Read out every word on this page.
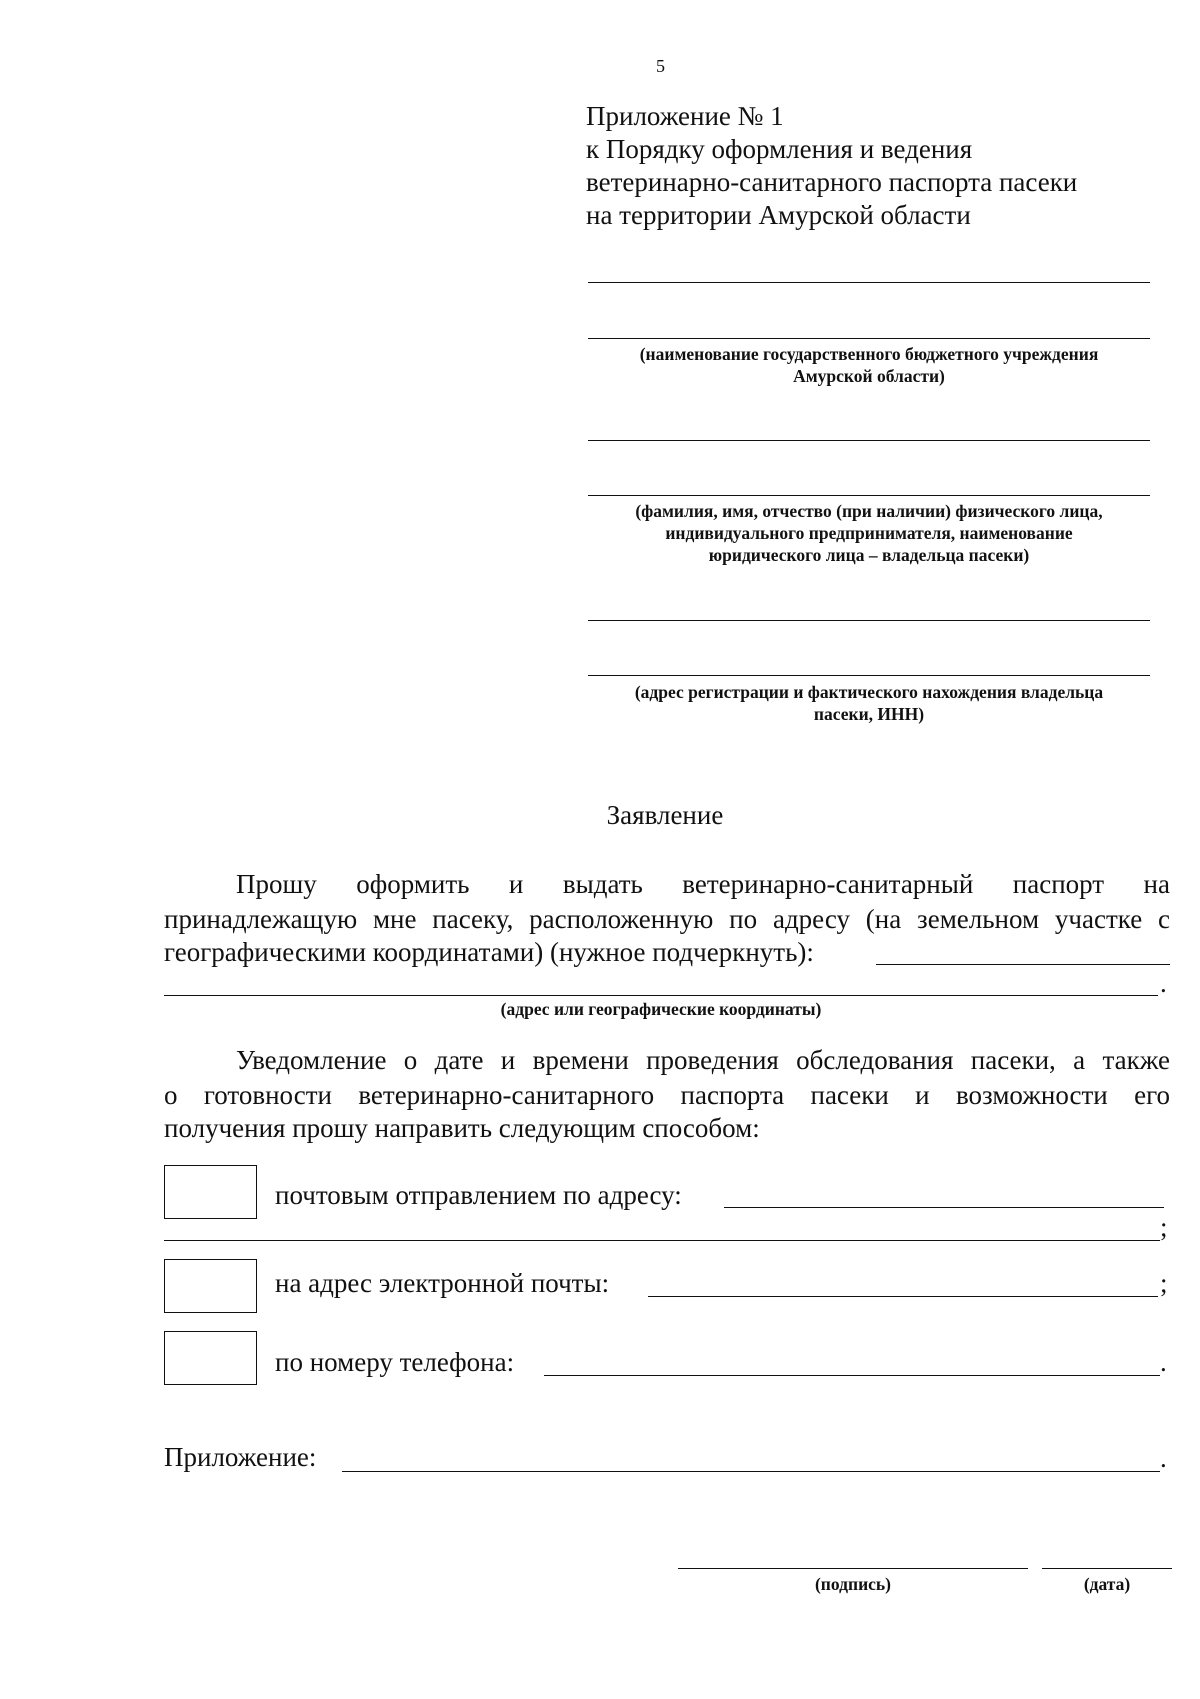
5
Приложение № 1
к Порядку оформления и ведения
ветеринарно-санитарного паспорта пасеки
на территории Амурской области
(наименование государственного бюджетного учреждения
Амурской области)
(фамилия, имя, отчество (при наличии) физического лица,
индивидуального предпринимателя, наименование
юридического лица – владельца пасеки)
(адрес регистрации и фактического нахождения владельца
пасеки, ИНН)
Заявление
Прошу оформить и выдать ветеринарно-санитарный паспорт на
принадлежащую мне пасеку, расположенную по адресу (на земельном участке с
географическими координатами) (нужное подчеркнуть):
.
(адрес или географические координаты)
Уведомление о дате и времени проведения обследования пасеки, а также
о готовности ветеринарно-санитарного паспорта пасеки и возможности его
получения прошу направить следующим способом:
почтовым отправлением по адресу:
;
на адрес электронной почты:	;
по номеру телефона:	.
Приложение:	.
(подпись)	(дата)
